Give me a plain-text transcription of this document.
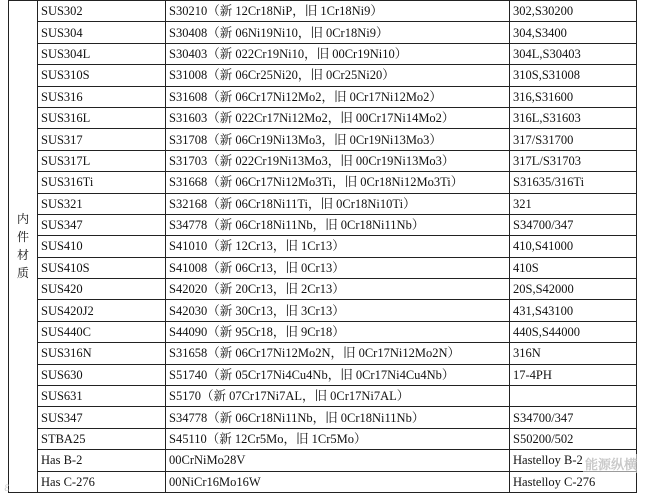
内
件
材
质	SUS302	S30210（新 12Cr18NiP，旧 1Cr18Ni9）	302,S30200
	SUS304	S30408（新 06Ni19Ni10，旧 0Cr18Ni9）	304,S3400
	SUS304L	S30403（新 022Cr19Ni10，旧 00Cr19Ni10）	304L,S30403
	SUS310S	S31008（新 06Cr25Ni20，旧 0Cr25Ni20）	310S,S31008
	SUS316	S31608（新 06Cr17Ni12Mo2，旧 0Cr17Ni12Mo2）	316,S31600
	SUS316L	S31603（新 022Cr17Ni12Mo2，旧 00Cr17Ni14Mo2）	316L,S31603
	SUS317	S31708（新 06Cr19Ni13Mo3，旧 0Cr19Ni13Mo3）	317/S31700
	SUS317L	S31703（新 022Cr19Ni13Mo3，旧 00Cr19Ni13Mo3）	317L/S31703
	SUS316Ti	S31668（新 06Cr17Ni12Mo3Ti，旧 0Cr18Ni12Mo3Ti）	S31635/316Ti
	SUS321	S32168（新 06Cr18Ni11Ti，旧 0Cr18Ni10Ti）	321
	SUS347	S34778（新 06Cr18Ni11Nb，旧 0Cr18Ni11Nb）	S34700/347
	SUS410	S41010（新 12Cr13，旧 1Cr13）	410,S41000
	SUS410S	S41008（新 06Cr13，旧 0Cr13）	410S
	SUS420	S42020（新 20Cr13，旧 2Cr13）	20S,S42000
	SUS420J2	S42030（新 30Cr13，旧 3Cr13）	431,S43100
	SUS440C	S44090（新 95Cr18，旧 9Cr18）	440S,S44000
	SUS316N	S31658（新 06Cr17Ni12Mo2N，旧 0Cr17Ni12Mo2N）	316N
	SUS630	S51740（新 05Cr17Ni4Cu4Nb，旧 0Cr17Ni4Cu4Nb）	17-4PH
	SUS631	S5170（新 07Cr17Ni7AL，旧 0Cr17Ni7AL）	
	SUS347	S34778（新 06Cr18Ni11Nb，旧 0Cr18Ni11Nb）	S34700/347
	STBA25	S45110（新 12Cr5Mo，旧 1Cr5Mo）	S50200/502
	Has B-2	00CrNiMo28V	Hastelloy B-2
	Has C-276	00NiCr16Mo16W	Hastelloy C-276
能源纵横
ℰ
